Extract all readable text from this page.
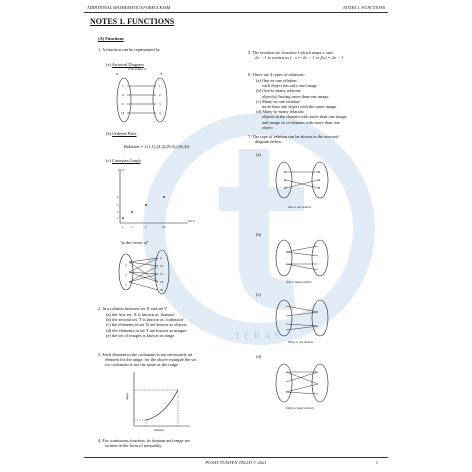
ADDITIONAL MATHEMATICS FORM 4 KSSM	NOTES 1. FUNCTIONS
NOTES 1. FUNCTIONS
(A) Functions
1. A function can be represented by
(a) Arrowed Diagram
X	Y
1
4
9
16
1
2
3
4
is the square of
(b) Ordered Pairs
Relation = {(1,1),(4,2),(9,3),(16,4)}
(c) Cartesian Graph
1
2
3
4
1	4	9	16
Set Y
Set X
"is the factor of"
2
3
5
6
10
15
18
20
2. In a relation between set X and set Y
(a) the first set, X is known as 'domain'
(b) the second set, Y is known as 'codomain'
(c) the elements in set X are known as objects
(d) the elements in set Y are known as images
(e) the set of images is known as range
3. Each element in the codomain is not necessarily an
element for the range. for the above example the set
for codomain is not the same as the range
range
domain
4. For continuous function, its domain and range are
written in the form of inequality.
5. The notation for function f which maps x onto
2x − 1 is written as f : x ↦ 2x − 1 or f(x) = 2x − 1
6. There are 4 types of relations:
(a) One-to-one relation:
each object has only one image
(b) One-to-many relation:
object(s) having more than one image.
(c) Many-to-one relation:
more than one object with the same image.
(d) Many-to-many relation:
objects in the domain with more than one image
and image in co-domain with more than one
object
7. The type of relation can be shown in the arrowed
diagram below:
(a)
One to one relation
(b)
One to many relation
(c)
Many to one relation
(d)
Many to many relation
TERAS
PUSAT TUISYEN TELITI © 2021	1
